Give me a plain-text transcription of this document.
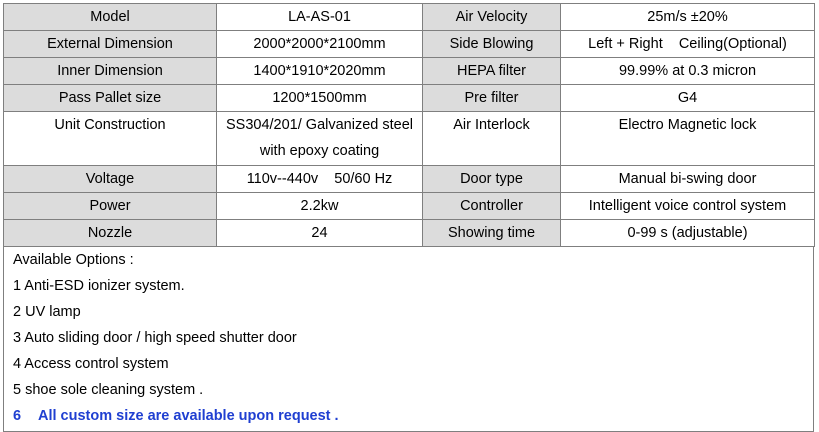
Model	LA-AS-01	Air Velocity	25m/s ±20%
External Dimension	2000*2000*2100mm	Side Blowing	Left + Right    Ceiling(Optional)
Inner Dimension	1400*1910*2020mm	HEPA filter	99.99% at 0.3 micron
Pass Pallet size	1200*1500mm	Pre filter	G4
Unit Construction	SS304/201/ Galvanized steel with epoxy coating	Air Interlock	Electro Magnetic lock
Voltage	110v--440v    50/60 Hz	Door type	Manual bi-swing door
Power	2.2kw	Controller	Intelligent voice control system
Nozzle	24	Showing time	0-99 s (adjustable)
Available Options :
1 Anti-ESD ionizer system.
2 UV lamp
3 Auto sliding door / high speed shutter door
4 Access control system
5 shoe sole cleaning system .
6 All custom size are available upon request .
